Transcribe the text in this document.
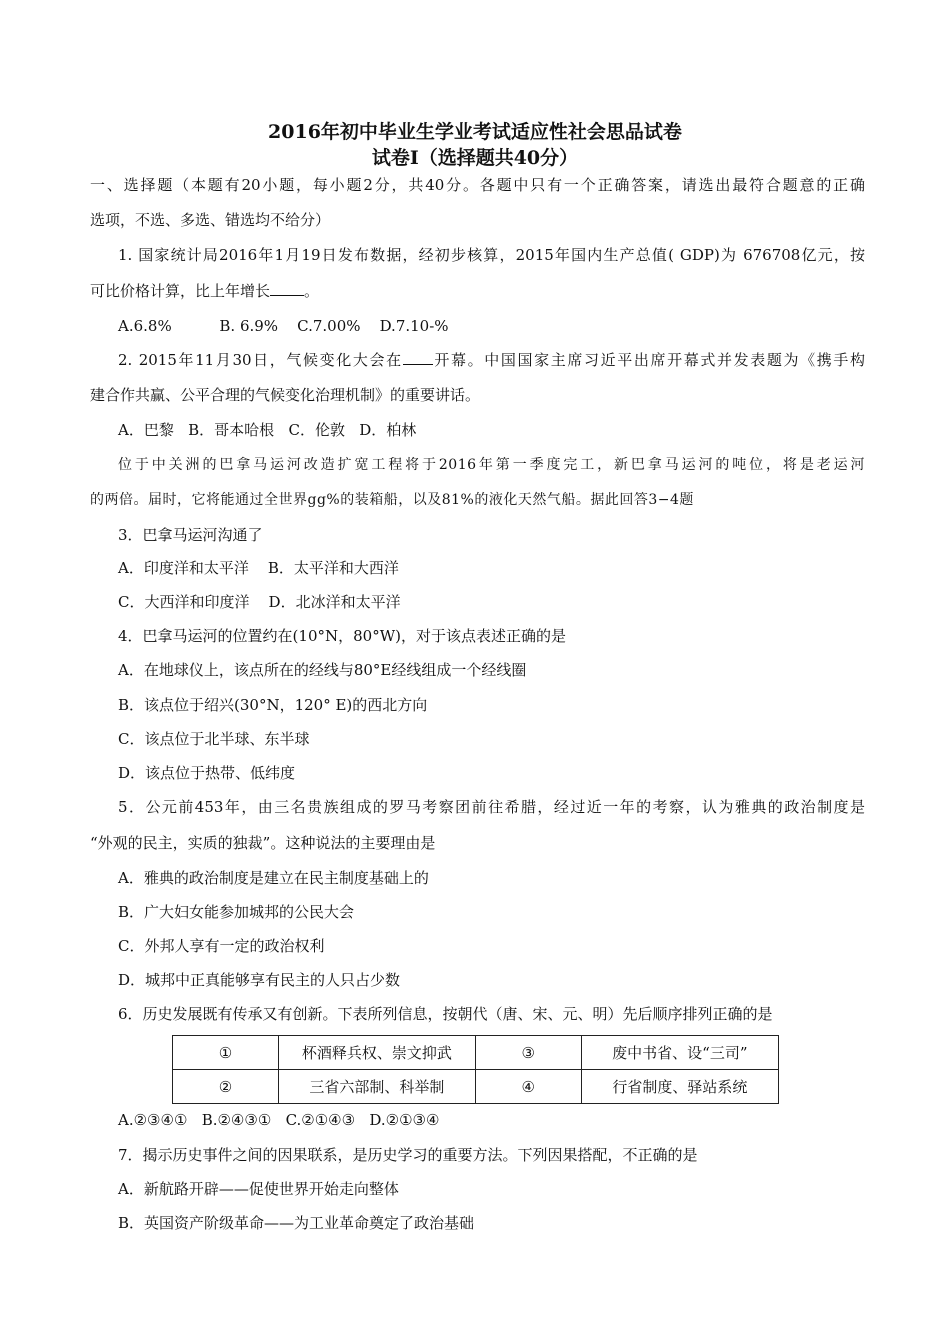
2016年初中毕业生学业考试适应性社会思品试卷
试卷Ⅰ（选择题共40分）
一、选择题（本题有20小题，每小题2分，共40分。各题中只有一个正确答案，请选出最符合题意的正确
选项，不选、多选、错选均不给分）
1. 国家统计局2016年1月19日发布数据，经初步核算，2015年国内生产总值( GDP)为 676708亿元，按
可比价格计算，比上年增长 。
A.6.8%          B. 6.9%    C.7.00%    D.7.10-%
2. 2015年11月30日，气候变化大会在 开幕。中国国家主席习近平出席开幕式并发表题为《携手构
建合作共赢、公平合理的气候变化治理机制》的重要讲话。
A．巴黎   B．哥本哈根   C．伦敦   D．柏林
位于中关洲的巴拿马运河改造扩宽工程将于2016年第一季度完工，新巴拿马运河的吨位，将是老运河
的两倍。届时，它将能通过全世界gg%的装箱船，以及81%的液化天然气船。据此回答3−4题
3．巴拿马运河沟通了
A．印度洋和太平洋    B．太平洋和大西洋
C．大西洋和印度洋    D．北冰洋和太平洋
4．巴拿马运河的位置约在(10°N，80°W)，对于该点表述正确的是
A．在地球仪上，该点所在的经线与80°E经线组成一个经线圈
B．该点位于绍兴(30°N，120° E)的西北方向
C．该点位于北半球、东半球
D．该点位于热带、低纬度
5．公元前453年，由三名贵族组成的罗马考察团前往希腊，经过近一年的考察，认为雅典的政治制度是
“外观的民主，实质的独裁”。这种说法的主要理由是
A．雅典的政治制度是建立在民主制度基础上的
B．广大妇女能参加城邦的公民大会
C．外邦人享有一定的政治权利
D．城邦中正真能够享有民主的人只占少数
6．历史发展既有传承又有创新。下表所列信息，按朝代（唐、宋、元、明）先后顺序排列正确的是
①	杯酒释兵权、崇文抑武	③	废中书省、设“三司”
②	三省六部制、科举制	④	行省制度、驿站系统
A.②③④①   B.②④③①   C.②①④③   D.②①③④
7．揭示历史事件之间的因果联系，是历史学习的重要方法。下列因果搭配，不正确的是
A．新航路开辟——促使世界开始走向整体
B．英国资产阶级革命——为工业革命奠定了政治基础
